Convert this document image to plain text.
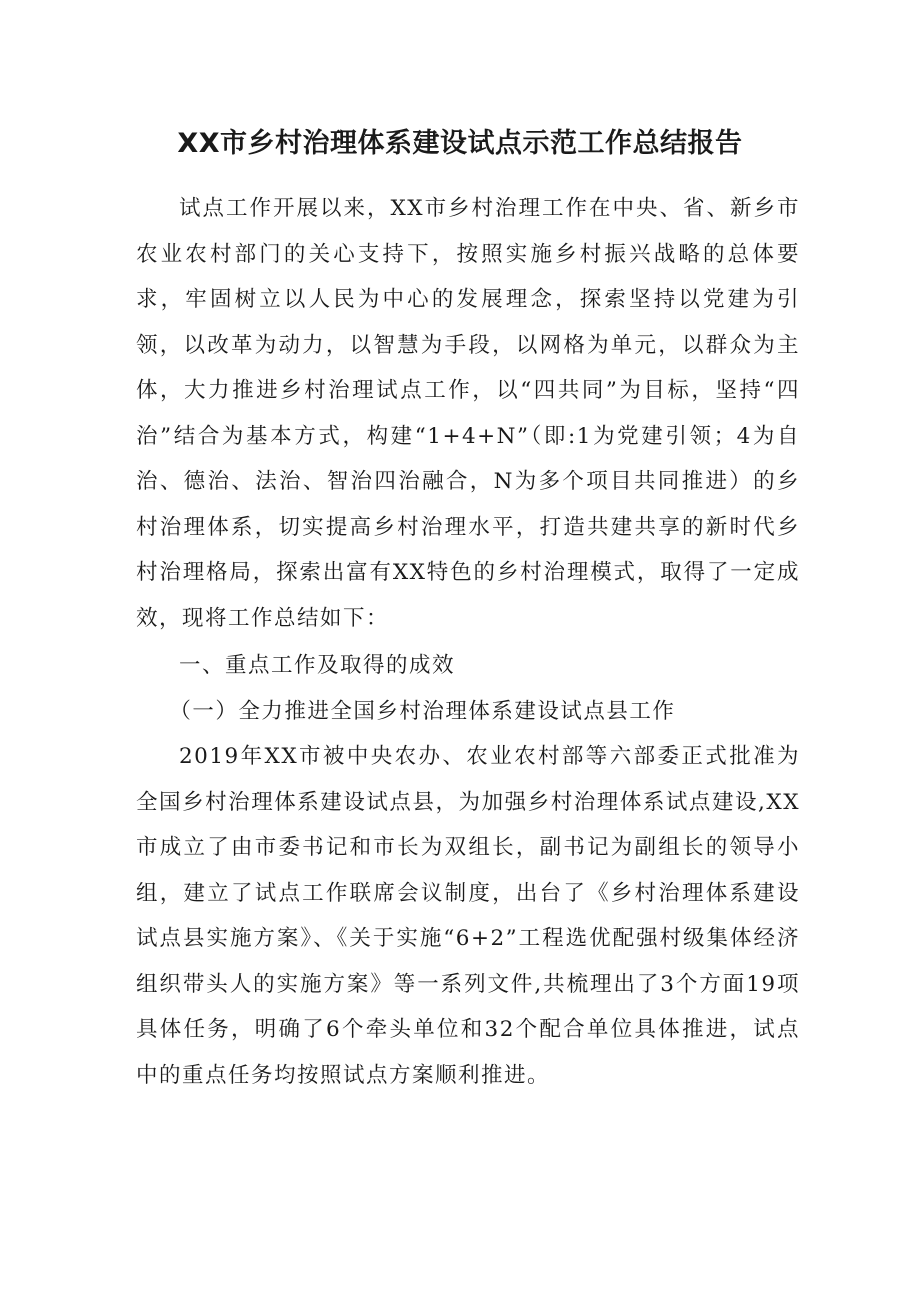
XX市乡村治理体系建设试点示范工作总结报告

试点工作开展以来，XX市乡村治理工作在中央、省、新乡市农业农村部门的关心支持下，按照实施乡村振兴战略的总体要求，牢固树立以人民为中心的发展理念，探索坚持以党建为引领，以改革为动力，以智慧为手段，以网格为单元，以群众为主体，大力推进乡村治理试点工作，以“四共同”为目标，坚持“四治”结合为基本方式，构建“1+4+N”（即:1为党建引领；4为自治、德治、法治、智治四治融合，N为多个项目共同推进）的乡村治理体系，切实提高乡村治理水平，打造共建共享的新时代乡村治理格局，探索出富有XX特色的乡村治理模式，取得了一定成效，现将工作总结如下：

一、重点工作及取得的成效

（一）全力推进全国乡村治理体系建设试点县工作

2019年XX市被中央农办、农业农村部等六部委正式批准为全国乡村治理体系建设试点县，为加强乡村治理体系试点建设,XX市成立了由市委书记和市长为双组长，副书记为副组长的领导小组，建立了试点工作联席会议制度，出台了《乡村治理体系建设试点县实施方案》、《关于实施“6+2”工程选优配强村级集体经济组织带头人的实施方案》等一系列文件,共梳理出了3个方面19项具体任务，明确了6个牵头单位和32个配合单位具体推进，试点中的重点任务均按照试点方案顺利推进。
